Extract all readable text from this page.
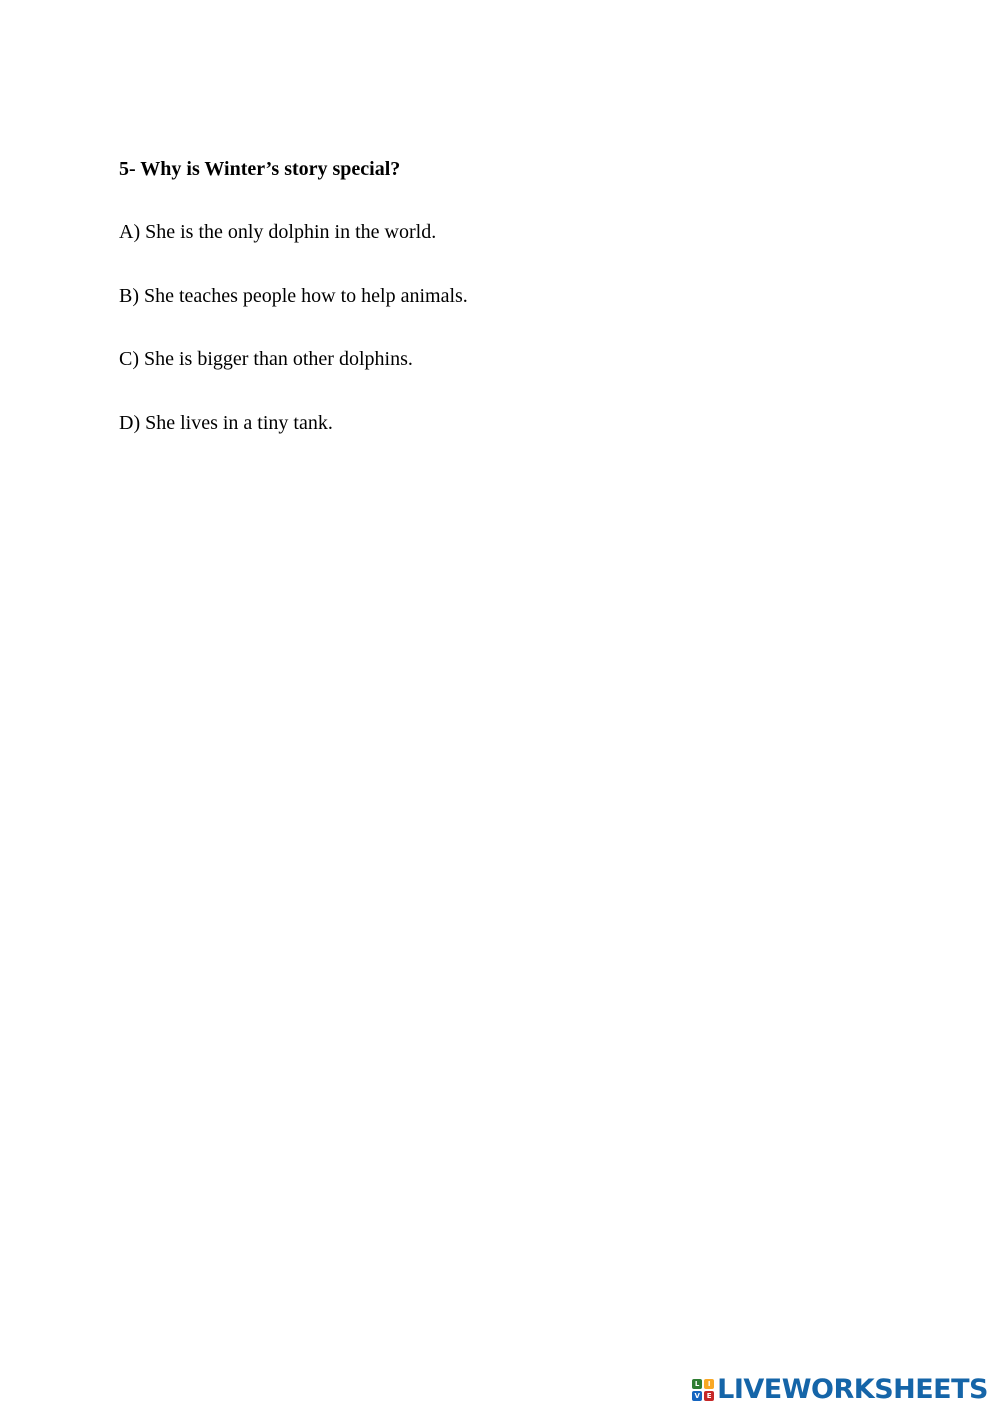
5- Why is Winter’s story special?
A) She is the only dolphin in the world.
B) She teaches people how to help animals.
C) She is bigger than other dolphins.
D) She lives in a tiny tank.
L	I
V E LIVEWORKSHEETS
